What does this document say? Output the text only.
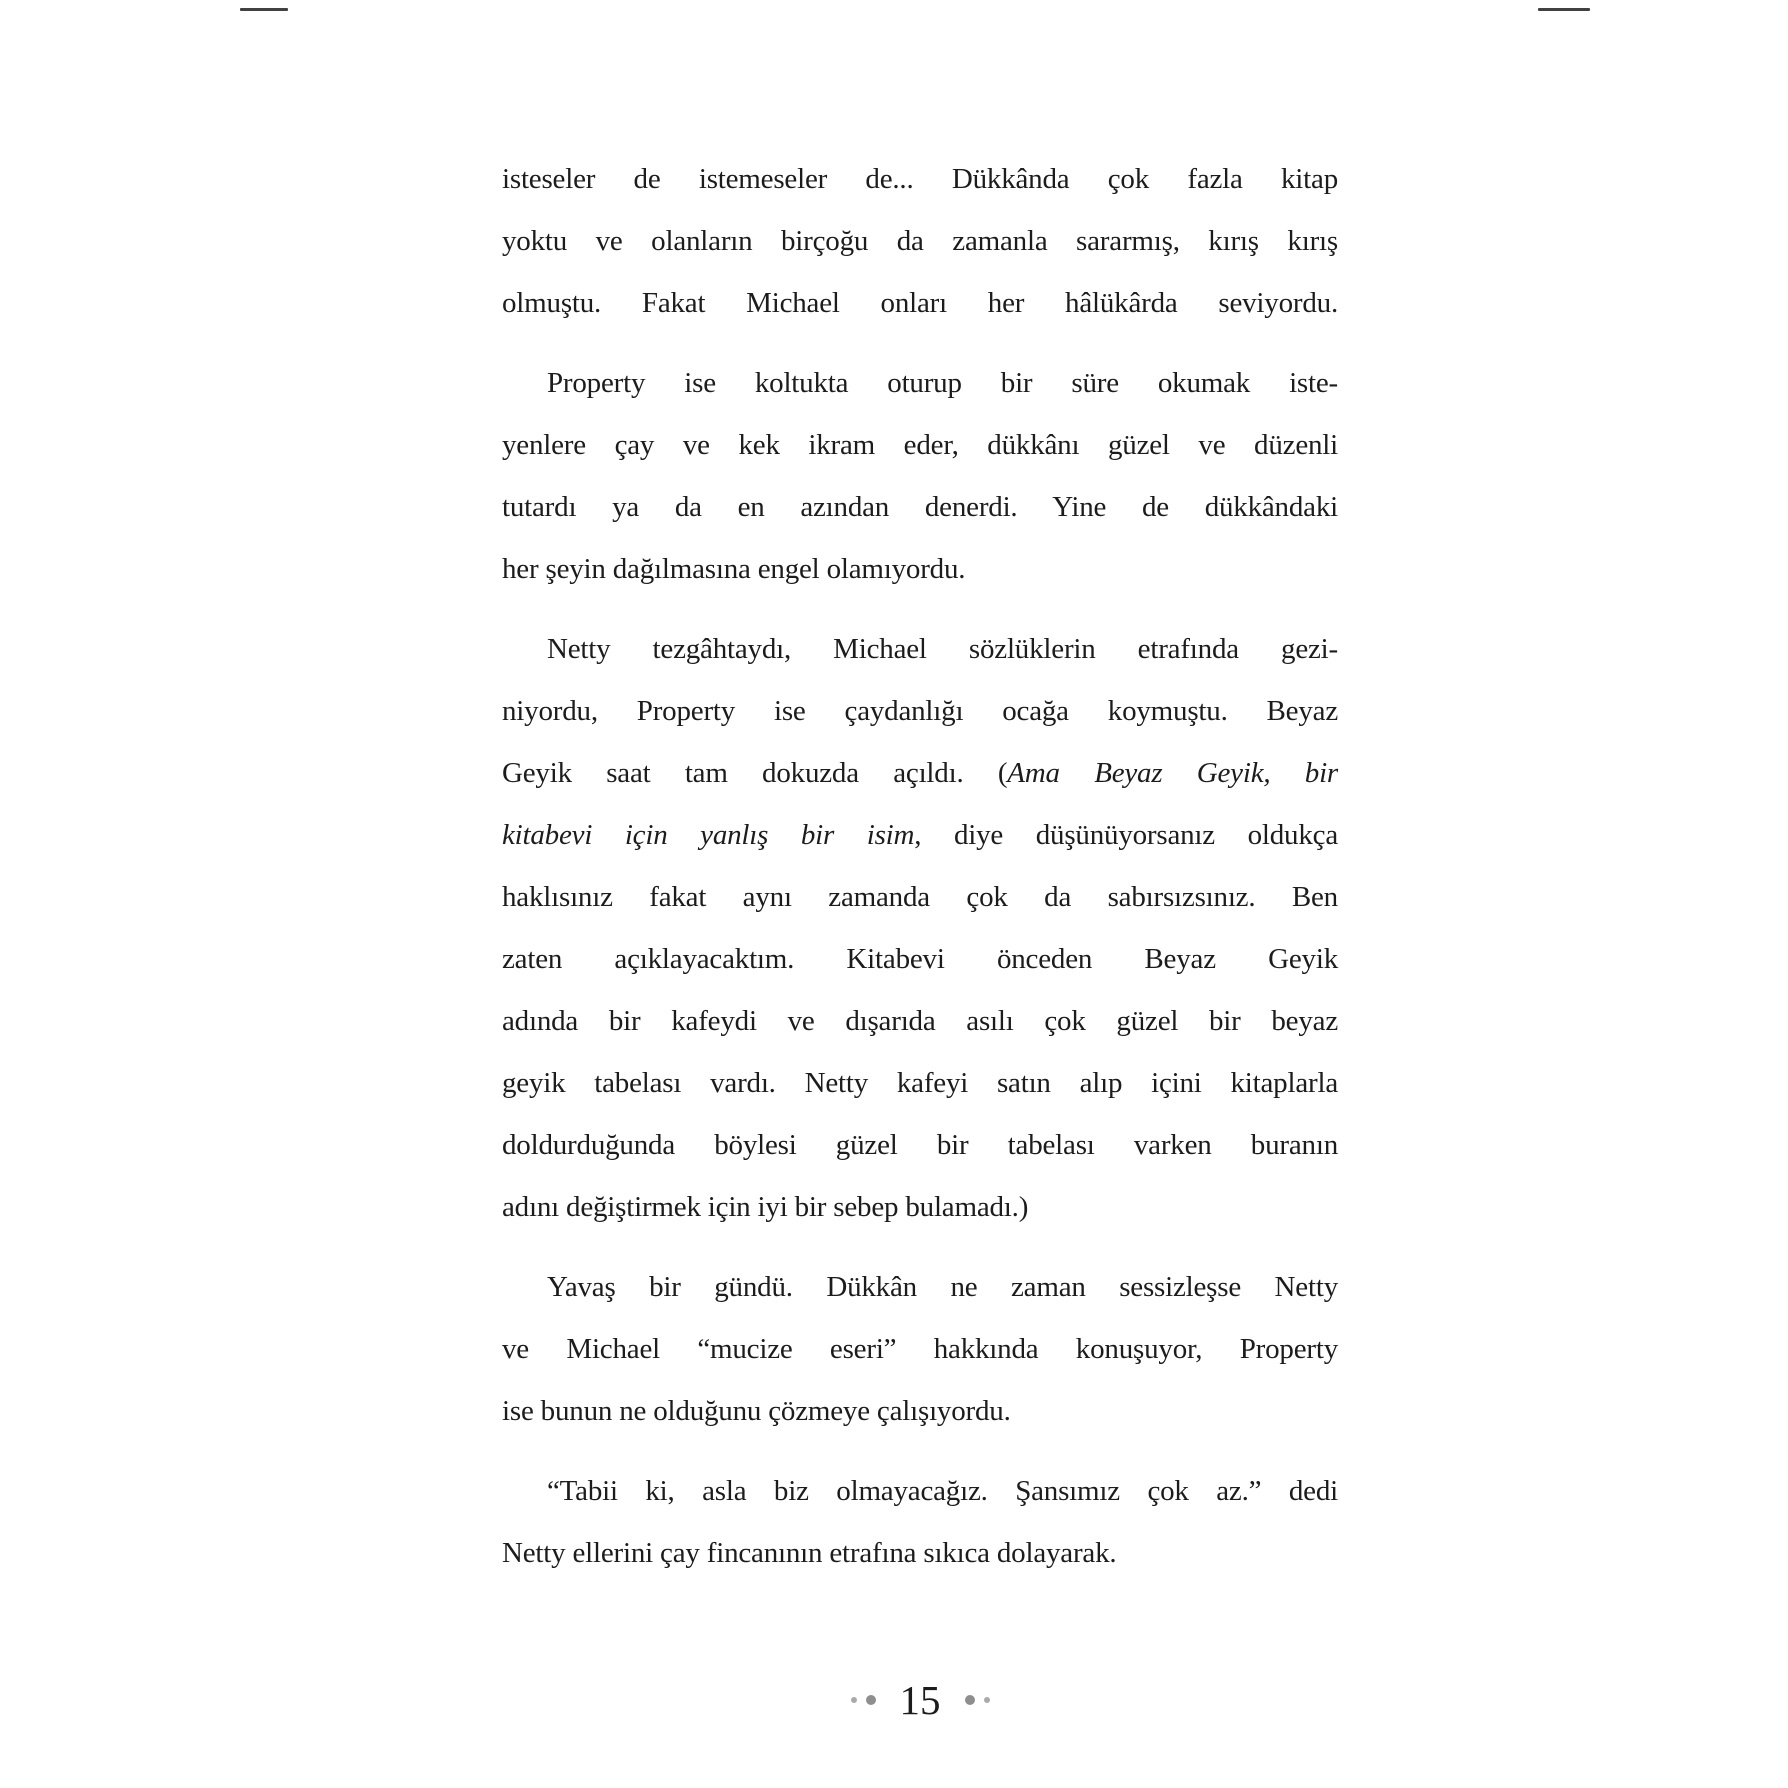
isteseler de istemeseler de... Dükkânda çok fazla kitap
yoktu ve olanların birçoğu da zamanla sararmış, kırış kırış
olmuştu. Fakat Michael onları her hâlükârda seviyordu.
Property ise koltukta oturup bir süre okumak iste-
yenlere çay ve kek ikram eder, dükkânı güzel ve düzenli
tutardı ya da en azından denerdi. Yine de dükkândaki
her şeyin dağılmasına engel olamıyordu.
Netty tezgâhtaydı, Michael sözlüklerin etrafında gezi-
niyordu, Property ise çaydanlığı ocağa koymuştu. Beyaz
Geyik saat tam dokuzda açıldı. (Ama Beyaz Geyik, bir
kitabevi için yanlış bir isim, diye düşünüyorsanız oldukça
haklısınız fakat aynı zamanda çok da sabırsızsınız. Ben
zaten açıklayacaktım. Kitabevi önceden Beyaz Geyik
adında bir kafeydi ve dışarıda asılı çok güzel bir beyaz
geyik tabelası vardı. Netty kafeyi satın alıp içini kitaplarla
doldurduğunda böylesi güzel bir tabelası varken buranın
adını değiştirmek için iyi bir sebep bulamadı.)
Yavaş bir gündü. Dükkân ne zaman sessizleşse Netty
ve Michael “mucize eseri” hakkında konuşuyor, Property
ise bunun ne olduğunu çözmeye çalışıyordu.
“Tabii ki, asla biz olmayacağız. Şansımız çok az.” dedi
Netty ellerini çay fincanının etrafına sıkıca dolayarak.
15
